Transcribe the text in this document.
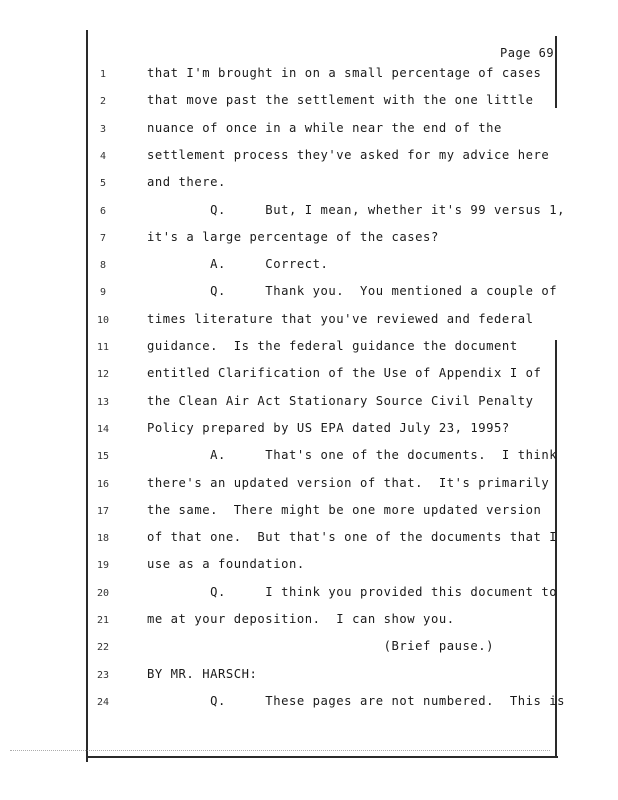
Page 69
1	that I'm brought in on a small percentage of cases
2	that move past the settlement with the one little
3	nuance of once in a while near the end of the
4	settlement process they've asked for my advice here
5	and there.
6	Q.     But, I mean, whether it's 99 versus 1,
7	it's a large percentage of the cases?
8	A.     Correct.
9	Q.     Thank you.  You mentioned a couple of
10	times literature that you've reviewed and federal
11	guidance.  Is the federal guidance the document
12	entitled Clarification of the Use of Appendix I of
13	the Clean Air Act Stationary Source Civil Penalty
14	Policy prepared by US EPA dated July 23, 1995?
15	A.     That's one of the documents.  I think
16	there's an updated version of that.  It's primarily
17	the same.  There might be one more updated version
18	of that one.  But that's one of the documents that I
19	use as a foundation.
20	Q.     I think you provided this document to
21	me at your deposition.  I can show you.
22	(Brief pause.)
23	BY MR. HARSCH:
24	Q.     These pages are not numbered.  This is
